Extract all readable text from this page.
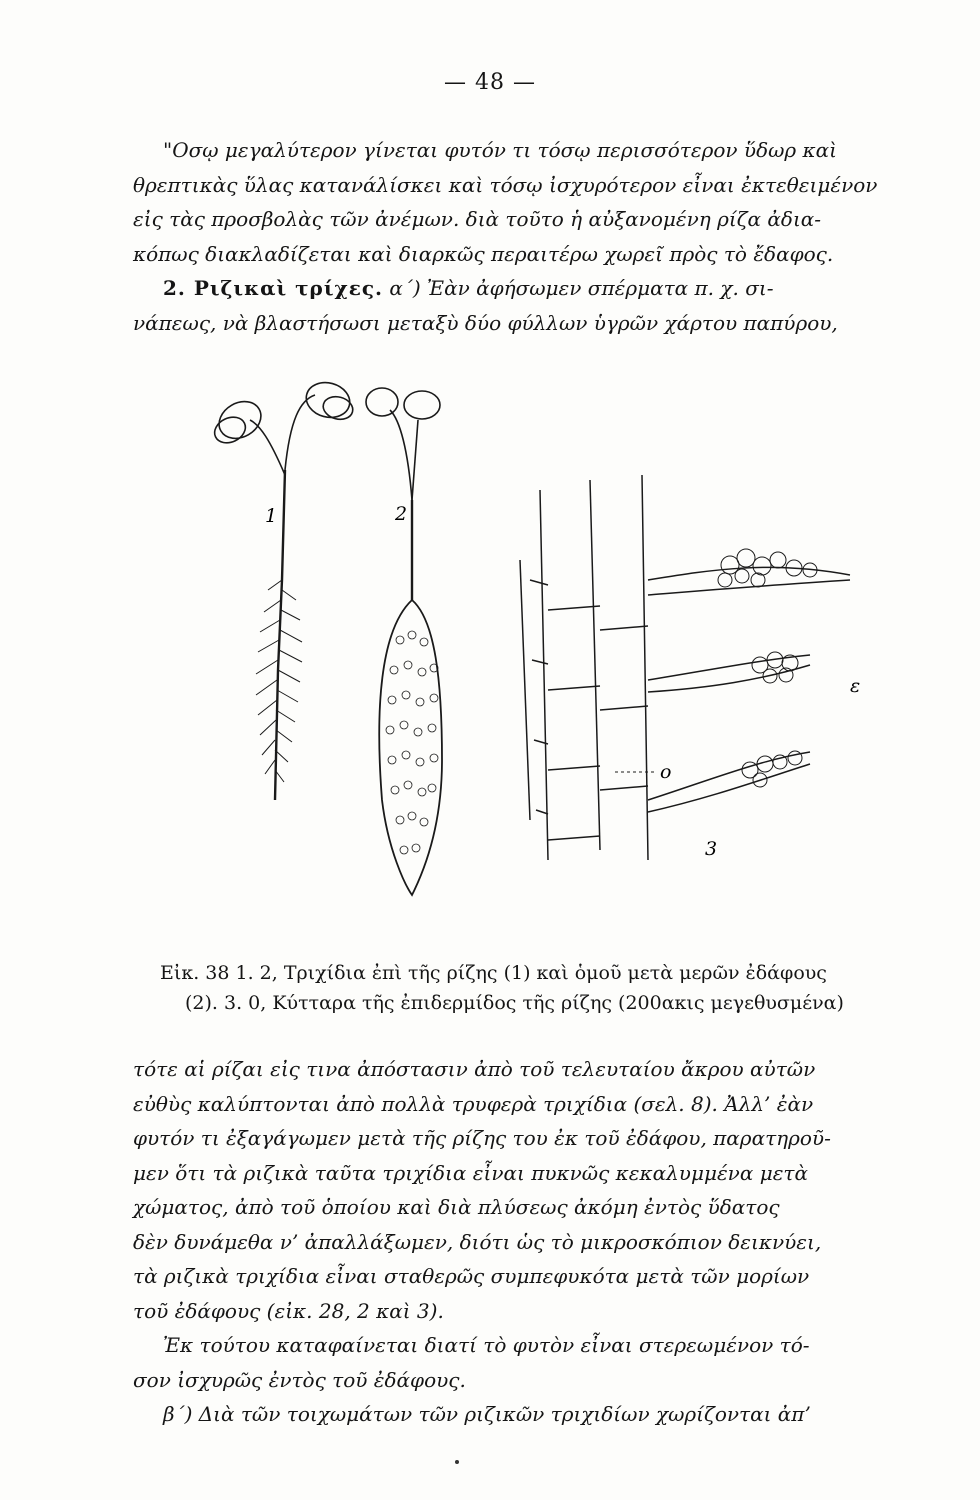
— 48 —

"Οσῳ μεγαλύτερον γίνεται φυτόν τι τόσῳ περισσότερον ὕδωρ καὶ

θρεπτικὰς ὕλας κατανάλίσκει καὶ τόσῳ ἰσχυρότερον εἶναι ἐκτεθειμένον

εἰς τὰς προσβολὰς τῶν ἀνέμων. διὰ τοῦτο ἡ αὐξανομένη ρίζα ἀδια-

κόπως διακλαδίζεται καὶ διαρκῶς περαιτέρω χωρεῖ πρὸς τὸ ἔδαφος.

2. Ριζικαὶ τρίχες. α΄) Ἐὰν ἀφήσωμεν σπέρματα π. χ. σι-

νάπεως, νὰ βλαστήσωσι μεταξὺ δύο φύλλων ὑγρῶν χάρτου παπύρου,

1	2
ε
ο
3

Εἰκ. 38 1. 2, Τριχίδια ἐπὶ τῆς ρίζης (1) καὶ ὁμοῦ μετὰ μερῶν ἐδάφους

(2). 3. 0, Κύτταρα τῆς ἐπιδερμίδος τῆς ρίζης (200ακις μεγεθυσμένα)

τότε αἱ ρίζαι εἰς τινα ἀπόστασιν ἀπὸ τοῦ τελευταίου ἄκρου αὐτῶν

εὐθὺς καλύπτονται ἀπὸ πολλὰ τρυφερὰ τριχίδια (σελ. 8). Ἀλλ’ ἐὰν

φυτόν τι ἐξαγάγωμεν μετὰ τῆς ρίζης του ἐκ τοῦ ἐδάφου, παρατηροῦ-

μεν ὅτι τὰ ριζικὰ ταῦτα τριχίδια εἶναι πυκνῶς κεκαλυμμένα μετὰ

χώματος, ἀπὸ τοῦ ὁποίου καὶ διὰ πλύσεως ἀκόμη ἐντὸς ὕδατος

δὲν δυνάμεθα ν’ ἀπαλλάξωμεν, διότι ὡς τὸ μικροσκόπιον δεικνύει,

τὰ ριζικὰ τριχίδια εἶναι σταθερῶς συμπεφυκότα μετὰ τῶν μορίων

τοῦ ἐδάφους (εἰκ. 28, 2 καὶ 3).

Ἐκ τούτου καταφαίνεται διατί τὸ φυτὸν εἶναι στερεωμένον τό-

σον ἰσχυρῶς ἐντὸς τοῦ ἐδάφους.

β΄) Διὰ τῶν τοιχωμάτων τῶν ριζικῶν τριχιδίων χωρίζονται ἀπ’
